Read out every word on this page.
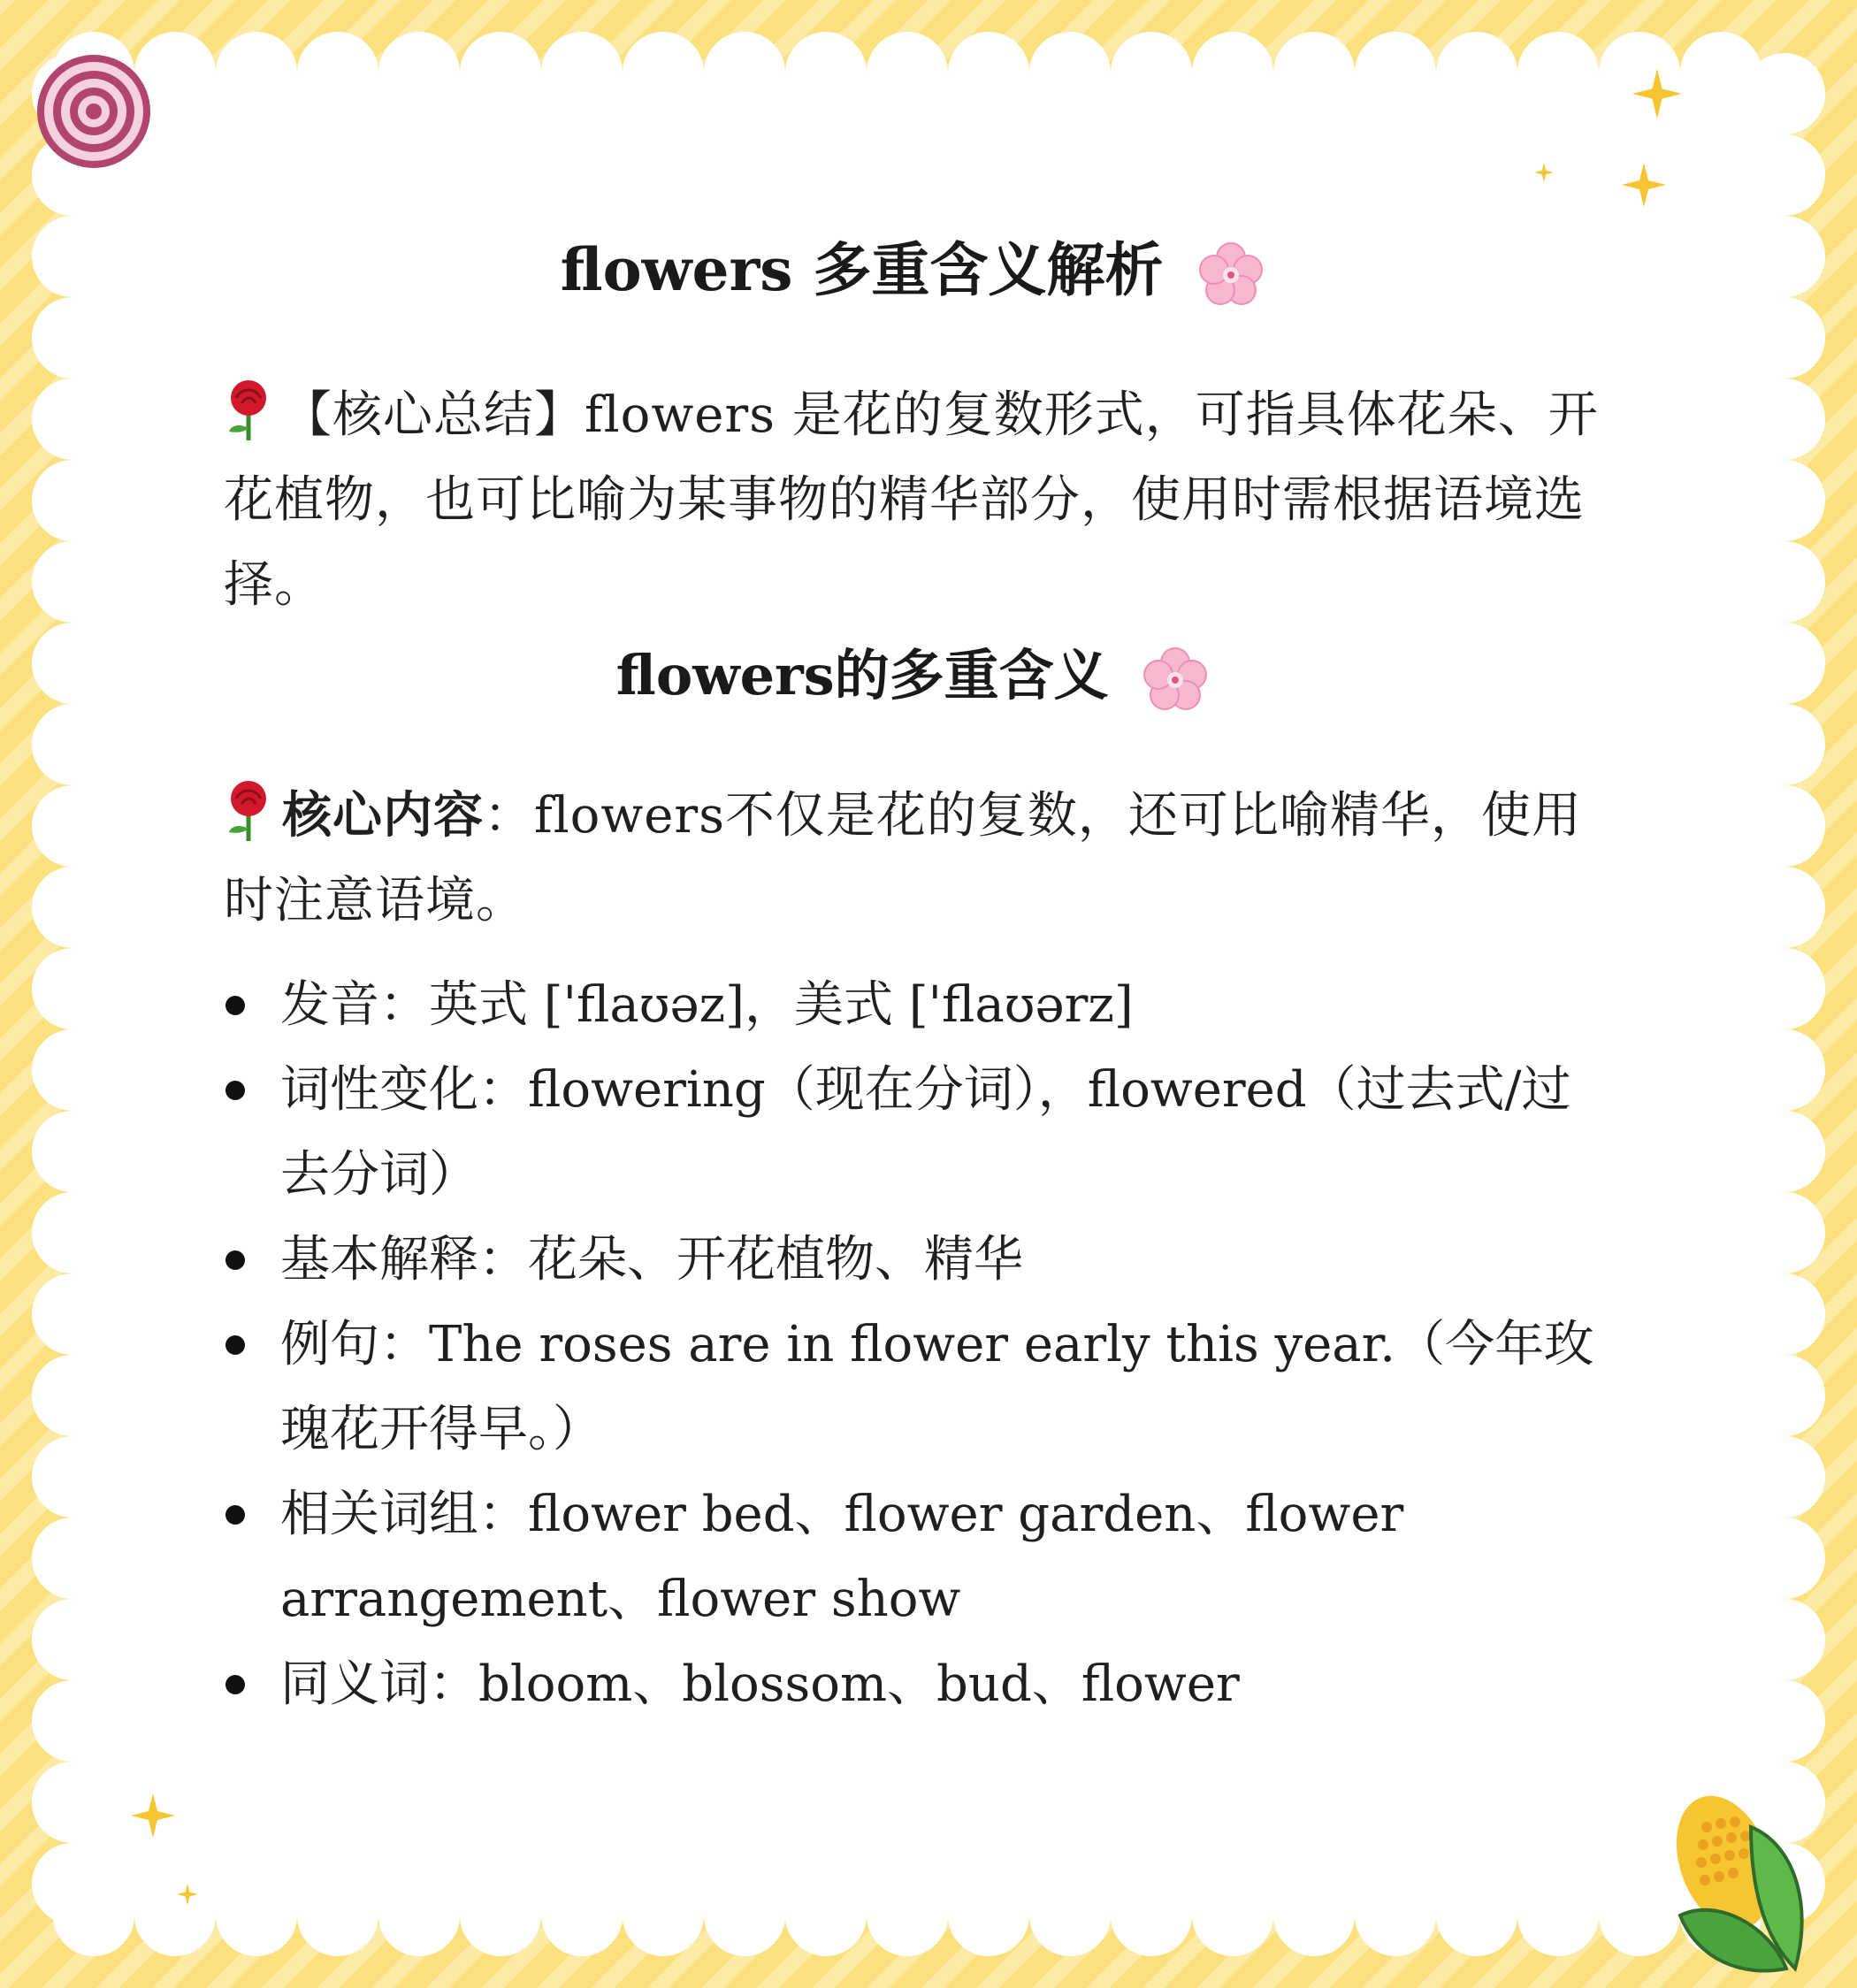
flowers 多重含义解析

【核心总结】flowers 是花的复数形式，可指具体花朵、开花植物，也可比喻为某事物的精华部分，使用时需根据语境选择。

flowers的多重含义

核心内容：flowers不仅是花的复数，还可比喻精华，使用时注意语境。

发音：英式 ['flaʊəz]，美式 ['flaʊərz]
词性变化：flowering（现在分词），flowered（过去式/过去分词）
基本解释：花朵、开花植物、精华
例句：The roses are in flower early this year.（今年玫瑰花开得早。）
相关词组：flower bed、flower garden、flower arrangement、flower show
同义词：bloom、blossom、bud、flower
